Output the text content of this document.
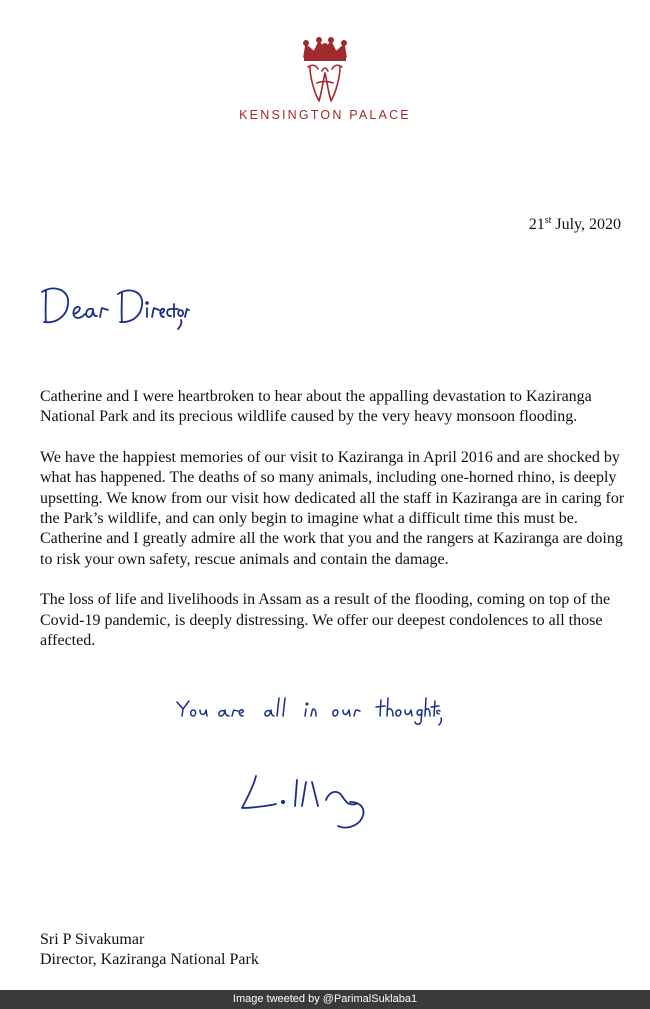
KENSINGTON PALACE
21st July, 2020

Catherine and I were heartbroken to hear about the appalling devastation to Kaziranga National Park and its precious wildlife caused by the very heavy monsoon flooding.

We have the happiest memories of our visit to Kaziranga in April 2016 and are shocked by what has happened. The deaths of so many animals, including one-horned rhino, is deeply upsetting. We know from our visit how dedicated all the staff in Kaziranga are in caring for the Park’s wildlife, and can only begin to imagine what a difficult time this must be. Catherine and I greatly admire all the work that you and the rangers at Kaziranga are doing to risk your own safety, rescue animals and contain the damage.

The loss of life and livelihoods in Assam as a result of the flooding, coming on top of the Covid-19 pandemic, is deeply distressing. We offer our deepest condolences to all those affected.

Sri P Sivakumar
Director, Kaziranga National Park
Image tweeted by @ParimalSuklaba1
